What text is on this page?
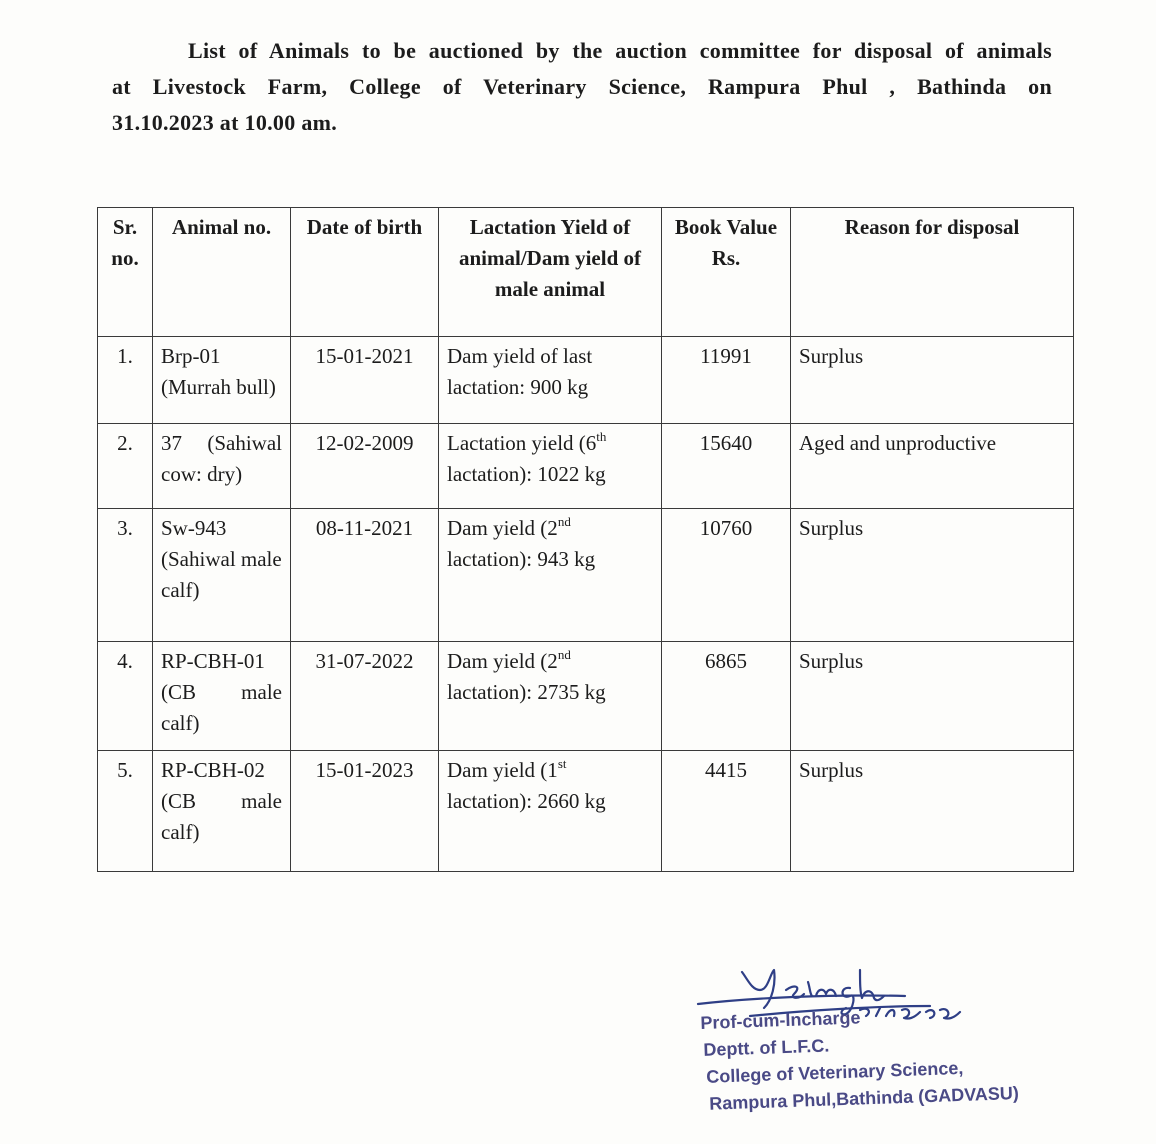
List of Animals to be auctioned by the auction committee for disposal of animals
at Livestock Farm, College of Veterinary Science, Rampura Phul , Bathinda on
31.10.2023 at 10.00 am.
Sr. no.	Animal no.	Date of birth	Lactation Yield of animal/Dam yield of male animal	Book Value Rs.	Reason for disposal
1.	Brp-01 (Murrah bull)	15-01-2021	Dam yield of last lactation: 900 kg	11991	Surplus
2.	37 (Sahiwal cow: dry)	12-02-2009	Lactation yield (6th lactation): 1022 kg	15640	Aged and unproductive
3.	Sw-943 (Sahiwal male calf)	08-11-2021	Dam yield (2nd lactation): 943 kg	10760	Surplus
4.	RP-CBH-01 (CB male calf)	31-07-2022	Dam yield (2nd lactation): 2735 kg	6865	Surplus
5.	RP-CBH-02 (CB male calf)	15-01-2023	Dam yield (1st lactation): 2660 kg	4415	Surplus
Prof-cum-Incharge
Deptt. of L.F.C.
College of Veterinary Science,
Rampura Phul,Bathinda (GADVASU)
